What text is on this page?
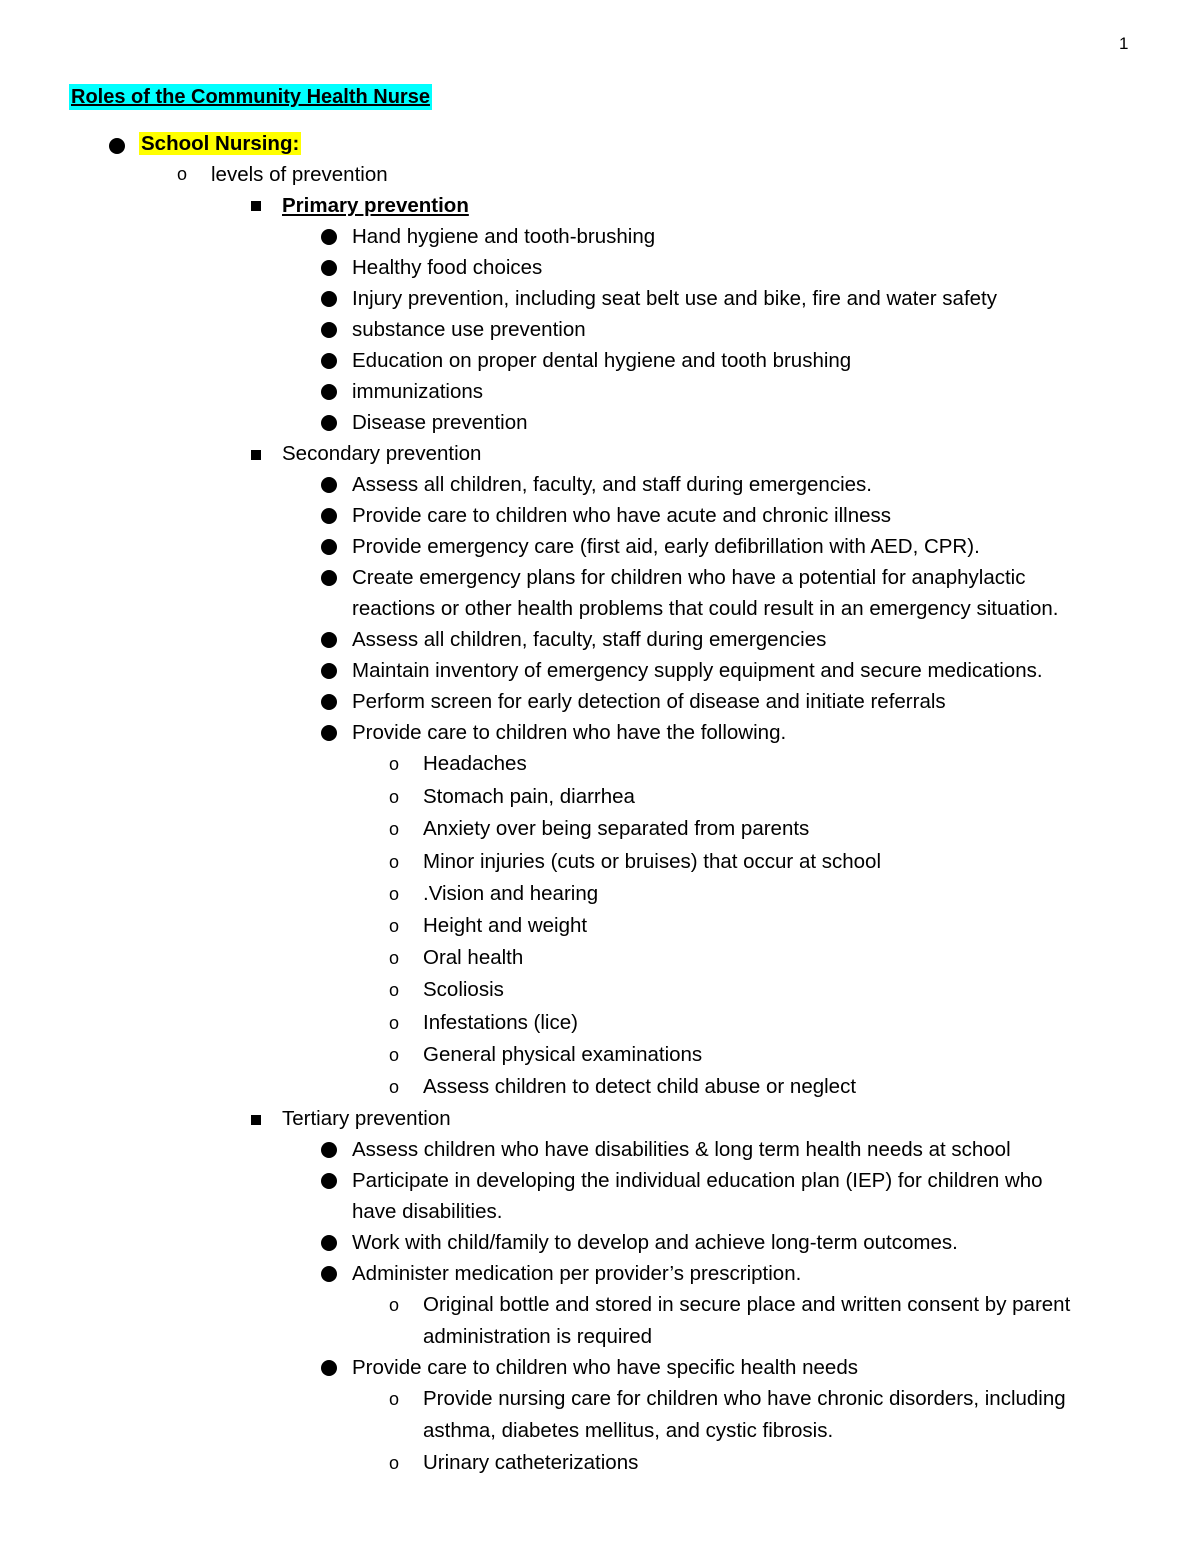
1
Roles of the Community Health Nurse
School Nursing:
o levels of prevention
Primary prevention
Hand hygiene and tooth-brushing
Healthy food choices
Injury prevention, including seat belt use and bike, fire and water safety
substance use prevention
Education on proper dental hygiene and tooth brushing
immunizations
Disease prevention
Secondary prevention
Assess all children, faculty, and staff during emergencies.
Provide care to children who have acute and chronic illness
Provide emergency care (first aid, early defibrillation with AED, CPR).
Create emergency plans for children who have a potential for anaphylactic
reactions or other health problems that could result in an emergency situation.
Assess all children, faculty, staff during emergencies
Maintain inventory of emergency supply equipment and secure medications.
Perform screen for early detection of disease and initiate referrals
Provide care to children who have the following.
o Headaches
o Stomach pain, diarrhea
o Anxiety over being separated from parents
o Minor injuries (cuts or bruises) that occur at school
o .Vision and hearing
o Height and weight
o Oral health
o Scoliosis
o Infestations (lice)
o General physical examinations
o Assess children to detect child abuse or neglect
Tertiary prevention
Assess children who have disabilities & long term health needs at school
Participate in developing the individual education plan (IEP) for children who
have disabilities.
Work with child/family to develop and achieve long-term outcomes.
Administer medication per provider’s prescription.
o Original bottle and stored in secure place and written consent by parent
administration is required
Provide care to children who have specific health needs
o Provide nursing care for children who have chronic disorders, including
asthma, diabetes mellitus, and cystic fibrosis.
o Urinary catheterizations
